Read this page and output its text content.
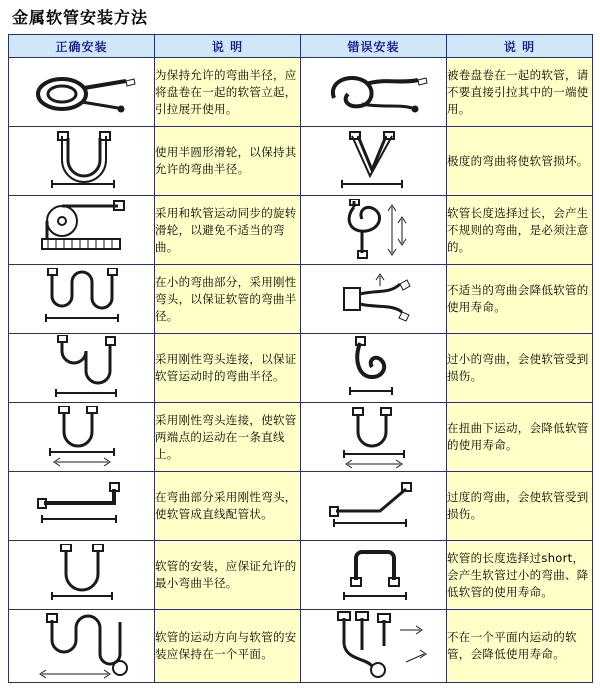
金属软管安装方法
正确安装	说 明	错误安装	说 明

	为保持允许的弯曲半径，应将盘卷在一起的软管立起，引拉展开使用。		被卷盘卷在一起的软管，请不要直接引拉其中的一端使用。

	使用半圆形滑轮，以保持其允许的弯曲半径。		极度的弯曲将使软管损坏。

	采用和软管运动同步的旋转滑轮，以避免不适当的弯曲。		软管长度选择过长，会产生不规则的弯曲，是必须注意的。

	在小的弯曲部分，采用刚性弯头，以保证软管的弯曲半径。		不适当的弯曲会降低软管的使用寿命。

	采用刚性弯头连接，以保证软管运动时的弯曲半径。		过小的弯曲，会使软管受到损伤。

	采用刚性弯头连接，使软管两端点的运动在一条直线上。		在扭曲下运动，会降低软管的使用寿命。

	在弯曲部分采用刚性弯头，使软管成直线配管状。		过度的弯曲，会使软管受到损伤。

	软管的安装，应保证允许的最小弯曲半径。		软管的长度选择过short，会产生软管过小的弯曲、降低软管的使用寿命。

	软管的运动方向与软管的安装应保持在一个平面。		不在一个平面内运动的软管，会降低使用寿命。
